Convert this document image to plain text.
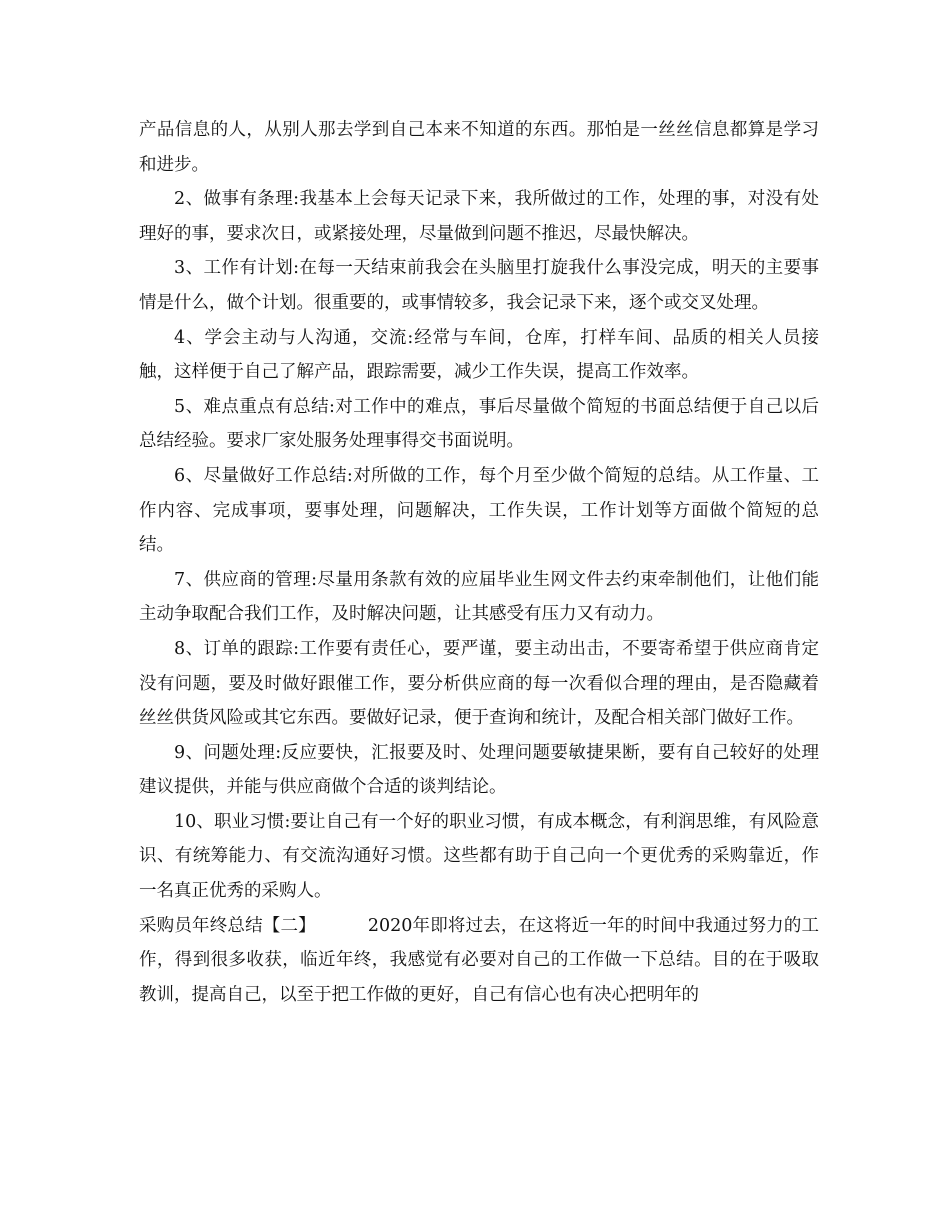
产品信息的人，从别人那去学到自己本来不知道的东西。那怕是一丝丝信息都算是学习和进步。

2、做事有条理:我基本上会每天记录下来，我所做过的工作，处理的事，对没有处理好的事，要求次日，或紧接处理，尽量做到问题不推迟，尽最快解决。

3、工作有计划:在每一天结束前我会在头脑里打旋我什么事没完成，明天的主要事情是什么，做个计划。很重要的，或事情较多，我会记录下来，逐个或交叉处理。

4、学会主动与人沟通，交流:经常与车间，仓库，打样车间、品质的相关人员接触，这样便于自己了解产品，跟踪需要，减少工作失误，提高工作效率。

5、难点重点有总结:对工作中的难点，事后尽量做个简短的书面总结便于自己以后总结经验。要求厂家处服务处理事得交书面说明。

6、尽量做好工作总结:对所做的工作，每个月至少做个简短的总结。从工作量、工作内容、完成事项，要事处理，问题解决，工作失误，工作计划等方面做个简短的总结。

7、供应商的管理:尽量用条款有效的应届毕业生网文件去约束牵制他们，让他们能主动争取配合我们工作，及时解决问题，让其感受有压力又有动力。

8、订单的跟踪:工作要有责任心，要严谨，要主动出击，不要寄希望于供应商肯定没有问题，要及时做好跟催工作，要分析供应商的每一次看似合理的理由，是否隐藏着丝丝供货风险或其它东西。要做好记录，便于查询和统计，及配合相关部门做好工作。

9、问题处理:反应要快，汇报要及时、处理问题要敏捷果断，要有自己较好的处理建议提供，并能与供应商做个合适的谈判结论。

10、职业习惯:要让自己有一个好的职业习惯，有成本概念，有利润思维，有风险意识、有统筹能力、有交流沟通好习惯。这些都有助于自己向一个更优秀的采购靠近，作一名真正优秀的采购人。

采购员年终总结【二】	2020年即将过去，在这将近一年的时间中我通过努力的工作，得到很多收获，临近年终，我感觉有必要对自己的工作做一下总结。目的在于吸取教训，提高自己，以至于把工作做的更好，自己有信心也有决心把明年的
